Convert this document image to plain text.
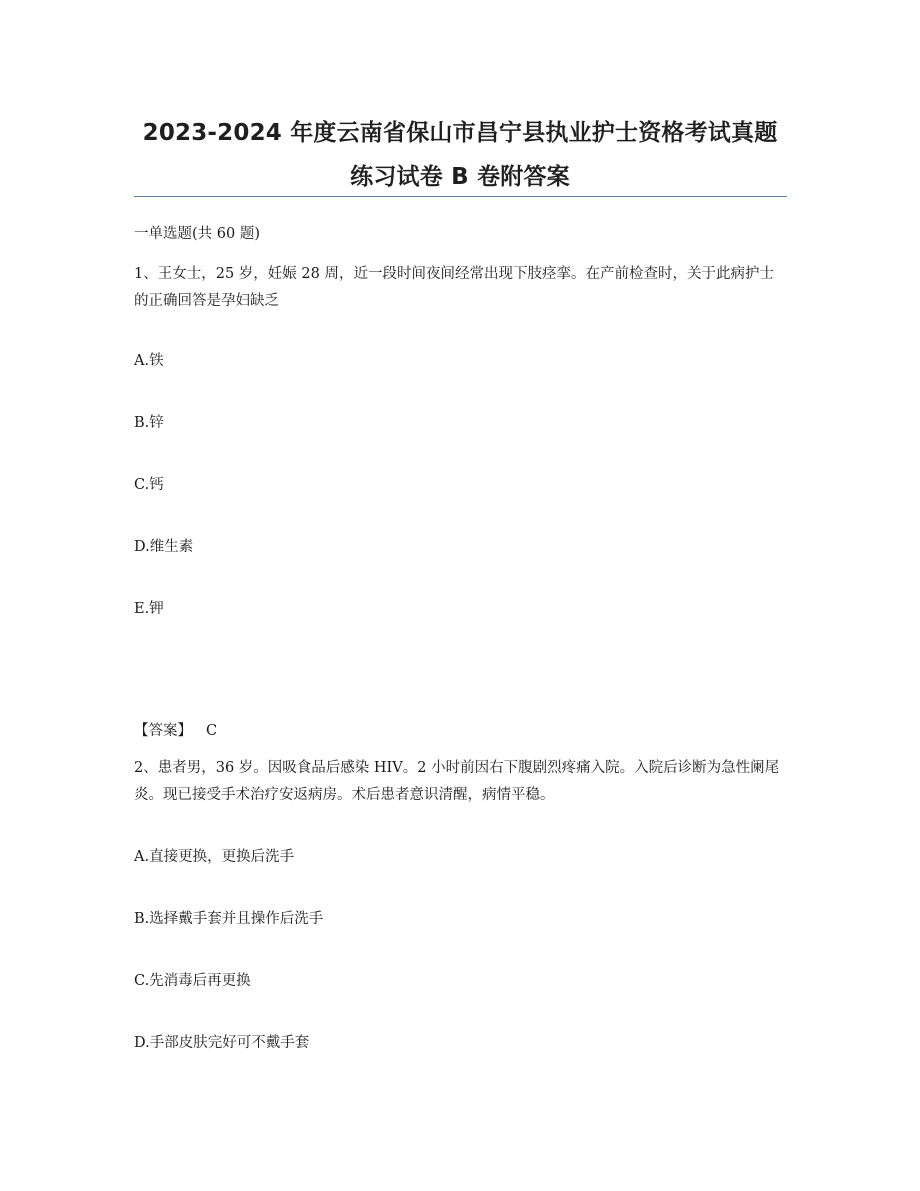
2023-2024 年度云南省保山市昌宁县执业护士资格考试真题
练习试卷 B 卷附答案
一单选题(共 60 题)
1、王女士，25 岁，妊娠 28 周，近一段时间夜间经常出现下肢痉挛。在产前检查时，关于此病护士的正确回答是孕妇缺乏
A.铁
B.锌
C.钙
D.维生素
E.钾
【答案】 C
2、患者男，36 岁。因吸食品后感染 HIV。2 小时前因右下腹剧烈疼痛入院。入院后诊断为急性阑尾炎。现已接受手术治疗安返病房。术后患者意识清醒，病情平稳。
A.直接更换，更换后洗手
B.选择戴手套并且操作后洗手
C.先消毒后再更换
D.手部皮肤完好可不戴手套
